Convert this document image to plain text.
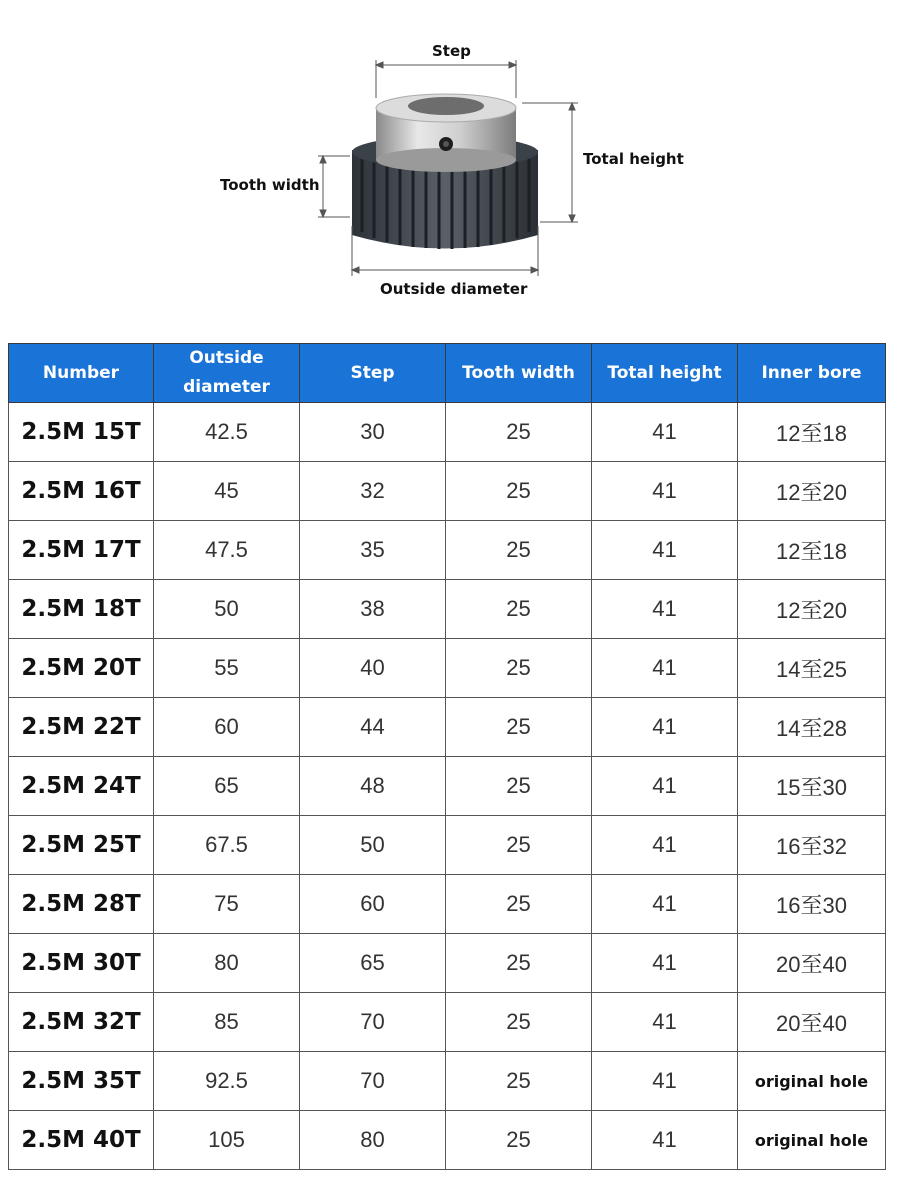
Step
Total height
Tooth width
Outside diameter
Number	Outside diameter	Step	Tooth width	Total height	Inner bore
2.5M 15T	42.5	30	25	41	12至18
2.5M 16T	45	32	25	41	12至20
2.5M 17T	47.5	35	25	41	12至18
2.5M 18T	50	38	25	41	12至20
2.5M 20T	55	40	25	41	14至25
2.5M 22T	60	44	25	41	14至28
2.5M 24T	65	48	25	41	15至30
2.5M 25T	67.5	50	25	41	16至32
2.5M 28T	75	60	25	41	16至30
2.5M 30T	80	65	25	41	20至40
2.5M 32T	85	70	25	41	20至40
2.5M 35T	92.5	70	25	41	original hole
2.5M 40T	105	80	25	41	original hole
